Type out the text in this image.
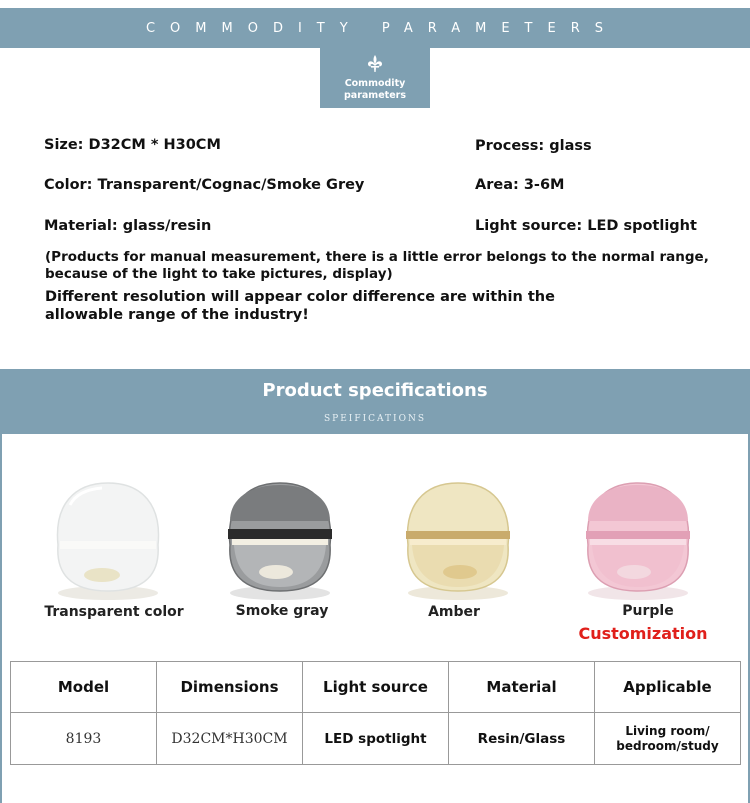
COMMODITY PARAMETERS
Commodity
parameters
Size: D32CM * H30CM	Process: glass
Color: Transparent/Cognac/Smoke Grey	Area: 3-6M
Material: glass/resin	Light source: LED spotlight
(Products for manual measurement, there is a little error belongs to the normal range, because of the light to take pictures, display)
Different resolution will appear color difference are within the allowable range of the industry!
Product specifications
SPEIFICATIONS
Transparent color	Smoke gray	Amber	Purple
Customization
Model	Dimensions	Light source	Material	Applicable
8193	D32CM*H30CM	LED spotlight	Resin/Glass	Living room/
bedroom/study
